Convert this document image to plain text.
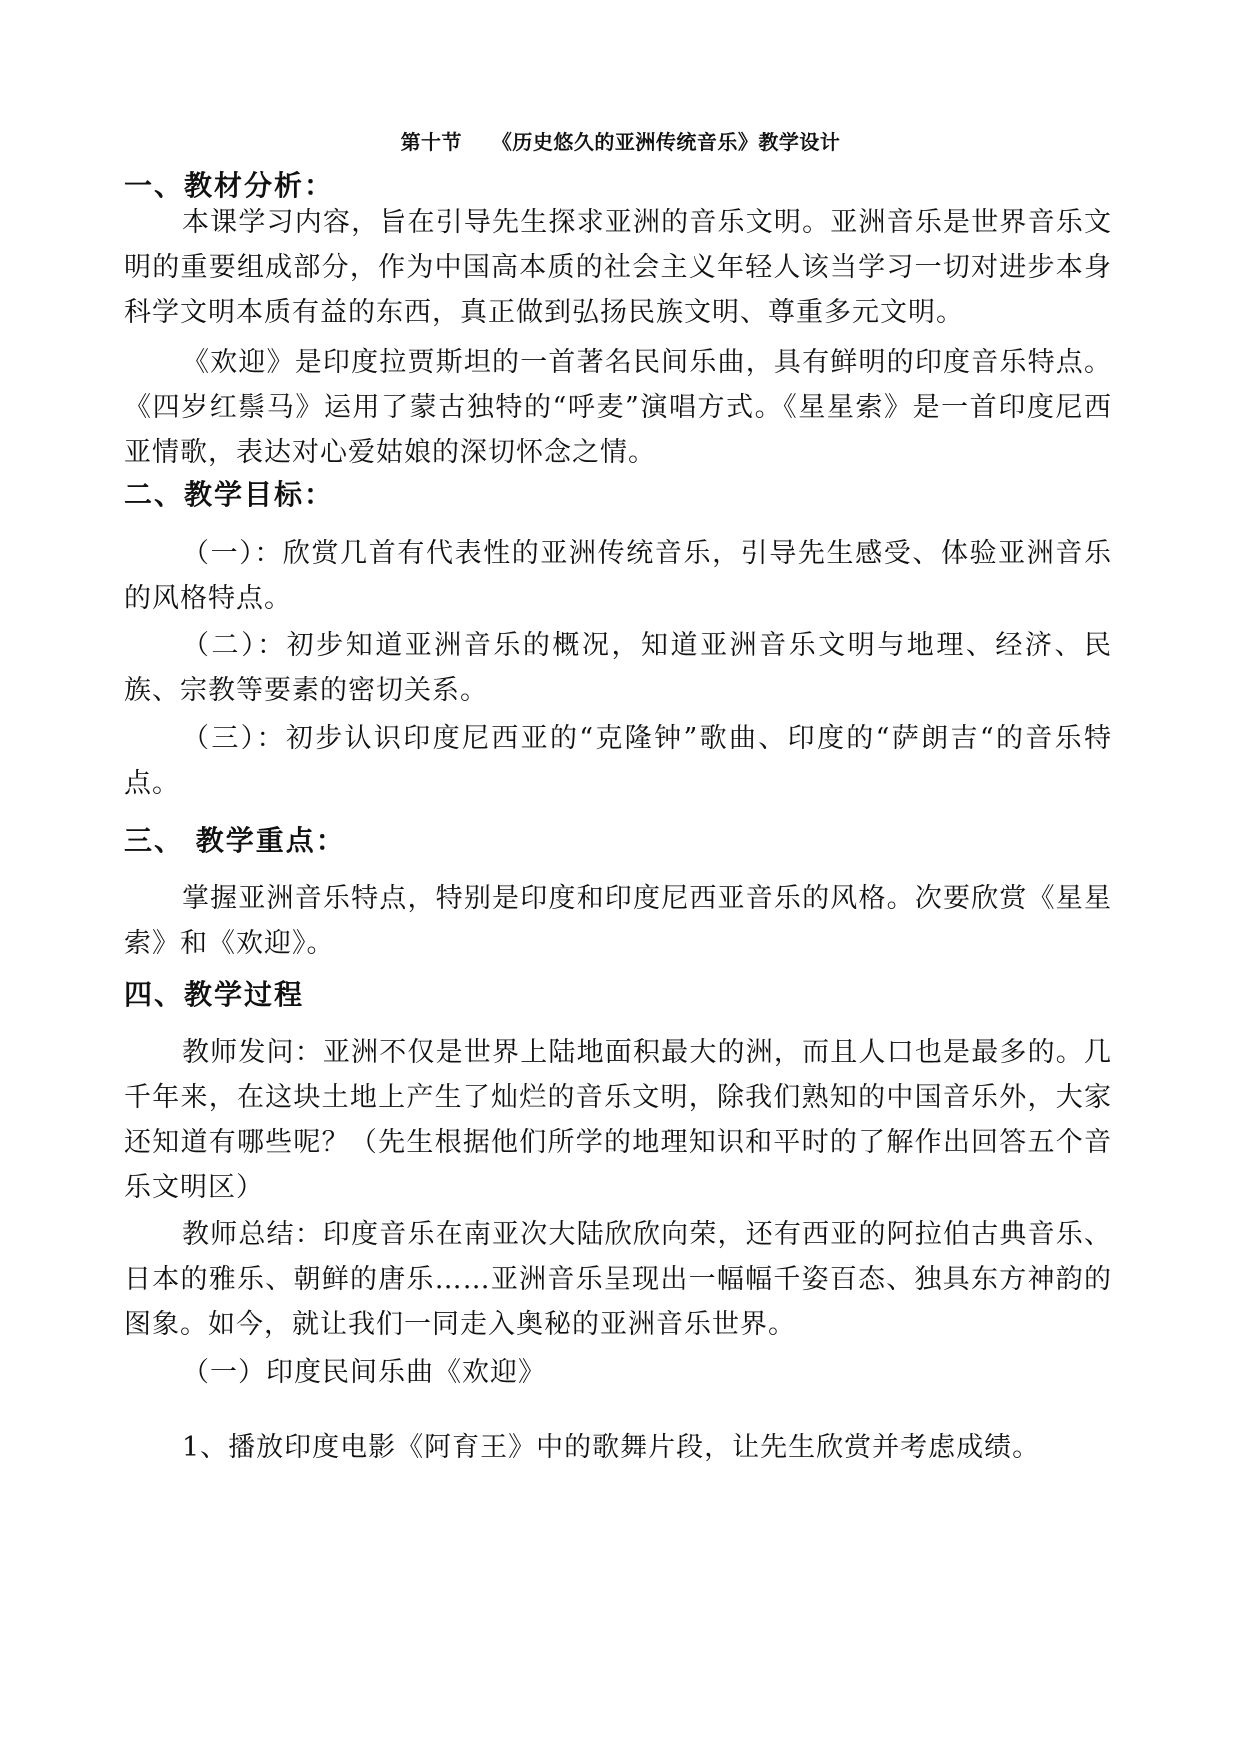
第十节    《历史悠久的亚洲传统音乐》教学设计
一、教材分析：

本课学习内容，旨在引导先生探求亚洲的音乐文明。亚洲音乐是世界音乐文明的重要组成部分，作为中国高本质的社会主义年轻人该当学习一切对进步本身科学文明本质有益的东西，真正做到弘扬民族文明、尊重多元文明。

《欢迎》是印度拉贾斯坦的一首著名民间乐曲，具有鲜明的印度音乐特点。《四岁红鬃马》运用了蒙古独特的“呼麦”演唱方式。《星星索》是一首印度尼西亚情歌，表达对心爱姑娘的深切怀念之情。

二、教学目标：

（一）：欣赏几首有代表性的亚洲传统音乐，引导先生感受、体验亚洲音乐的风格特点。

（二）：初步知道亚洲音乐的概况，知道亚洲音乐文明与地理、经济、民族、宗教等要素的密切关系。

（三）：初步认识印度尼西亚的“克隆钟”歌曲、印度的“萨朗吉“的音乐特点。

三、 教学重点：

掌握亚洲音乐特点，特别是印度和印度尼西亚音乐的风格。次要欣赏《星星索》和《欢迎》。

四、教学过程

教师发问：亚洲不仅是世界上陆地面积最大的洲，而且人口也是最多的。几千年来，在这块土地上产生了灿烂的音乐文明，除我们熟知的中国音乐外，大家还知道有哪些呢？（先生根据他们所学的地理知识和平时的了解作出回答五个音乐文明区）

教师总结：印度音乐在南亚次大陆欣欣向荣，还有西亚的阿拉伯古典音乐、日本的雅乐、朝鲜的唐乐……亚洲音乐呈现出一幅幅千姿百态、独具东方神韵的图象。如今，就让我们一同走入奥秘的亚洲音乐世界。

（一）印度民间乐曲《欢迎》
1、播放印度电影《阿育王》中的歌舞片段，让先生欣赏并考虑成绩。
